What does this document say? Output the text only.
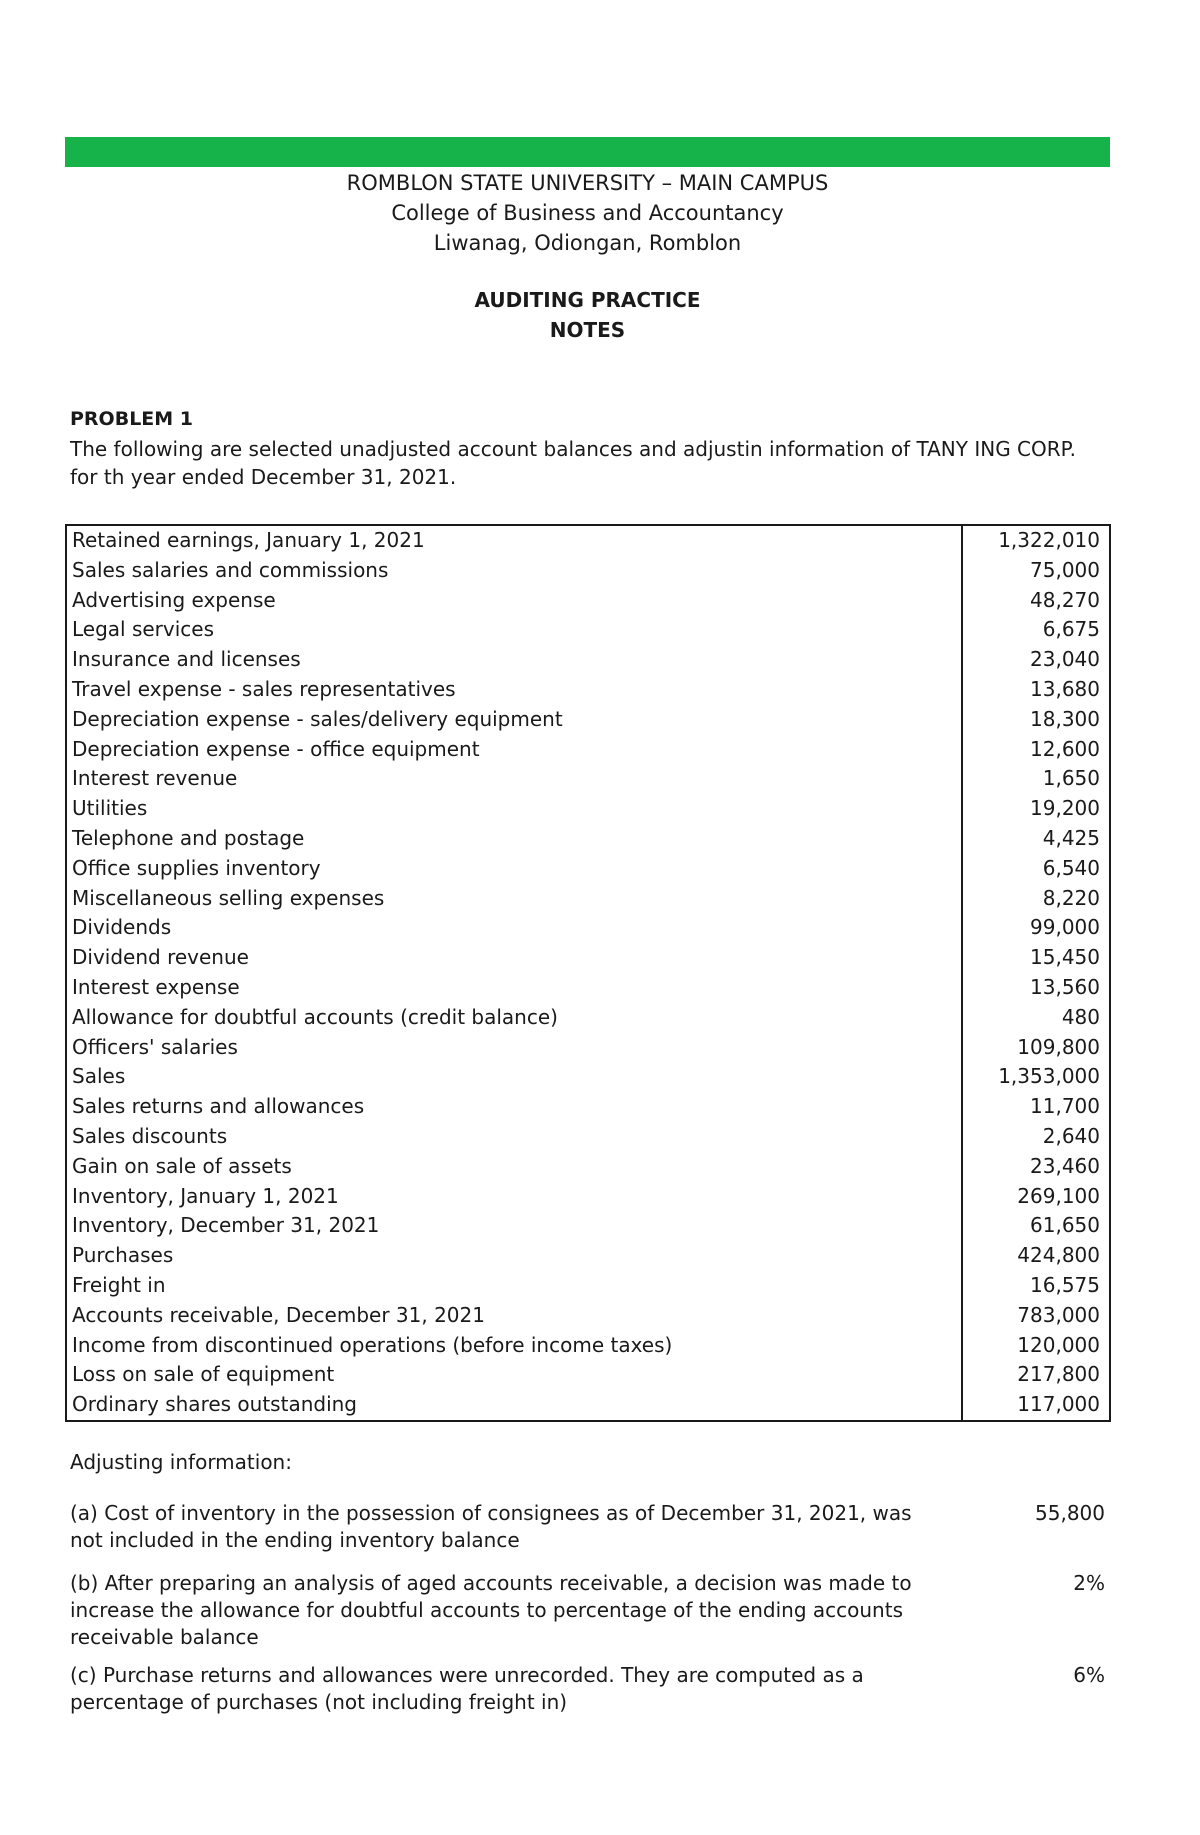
ROMBLON STATE UNIVERSITY – MAIN CAMPUS
College of Business and Accountancy
Liwanag, Odiongan, Romblon
AUDITING PRACTICE
NOTES
PROBLEM 1
The following are selected unadjusted account balances and adjustin information of TANY ING CORP.
for th year ended December 31, 2021.
Retained earnings, January 1, 2021	1,322,010
Sales salaries and commissions	75,000
Advertising expense	48,270
Legal services	6,675
Insurance and licenses	23,040
Travel expense - sales representatives	13,680
Depreciation expense - sales/delivery equipment	18,300
Depreciation expense - office equipment	12,600
Interest revenue	1,650
Utilities	19,200
Telephone and postage	4,425
Office supplies inventory	6,540
Miscellaneous selling expenses	8,220
Dividends	99,000
Dividend revenue	15,450
Interest expense	13,560
Allowance for doubtful accounts (credit balance)	480
Officers' salaries	109,800
Sales	1,353,000
Sales returns and allowances	11,700
Sales discounts	2,640
Gain on sale of assets	23,460
Inventory, January 1, 2021	269,100
Inventory, December 31, 2021	61,650
Purchases	424,800
Freight in	16,575
Accounts receivable, December 31, 2021	783,000
Income from discontinued operations (before income taxes)	120,000
Loss on sale of equipment	217,800
Ordinary shares outstanding	117,000
Adjusting information:
(a) Cost of inventory in the possession of consignees as of December 31, 2021, was not included in the ending inventory balance
55,800
(b) After preparing an analysis of aged accounts receivable, a decision was made to increase the allowance for doubtful accounts to percentage of the ending accounts receivable balance
2%
(c) Purchase returns and allowances were unrecorded. They are computed as a percentage of purchases (not including freight in)
6%
